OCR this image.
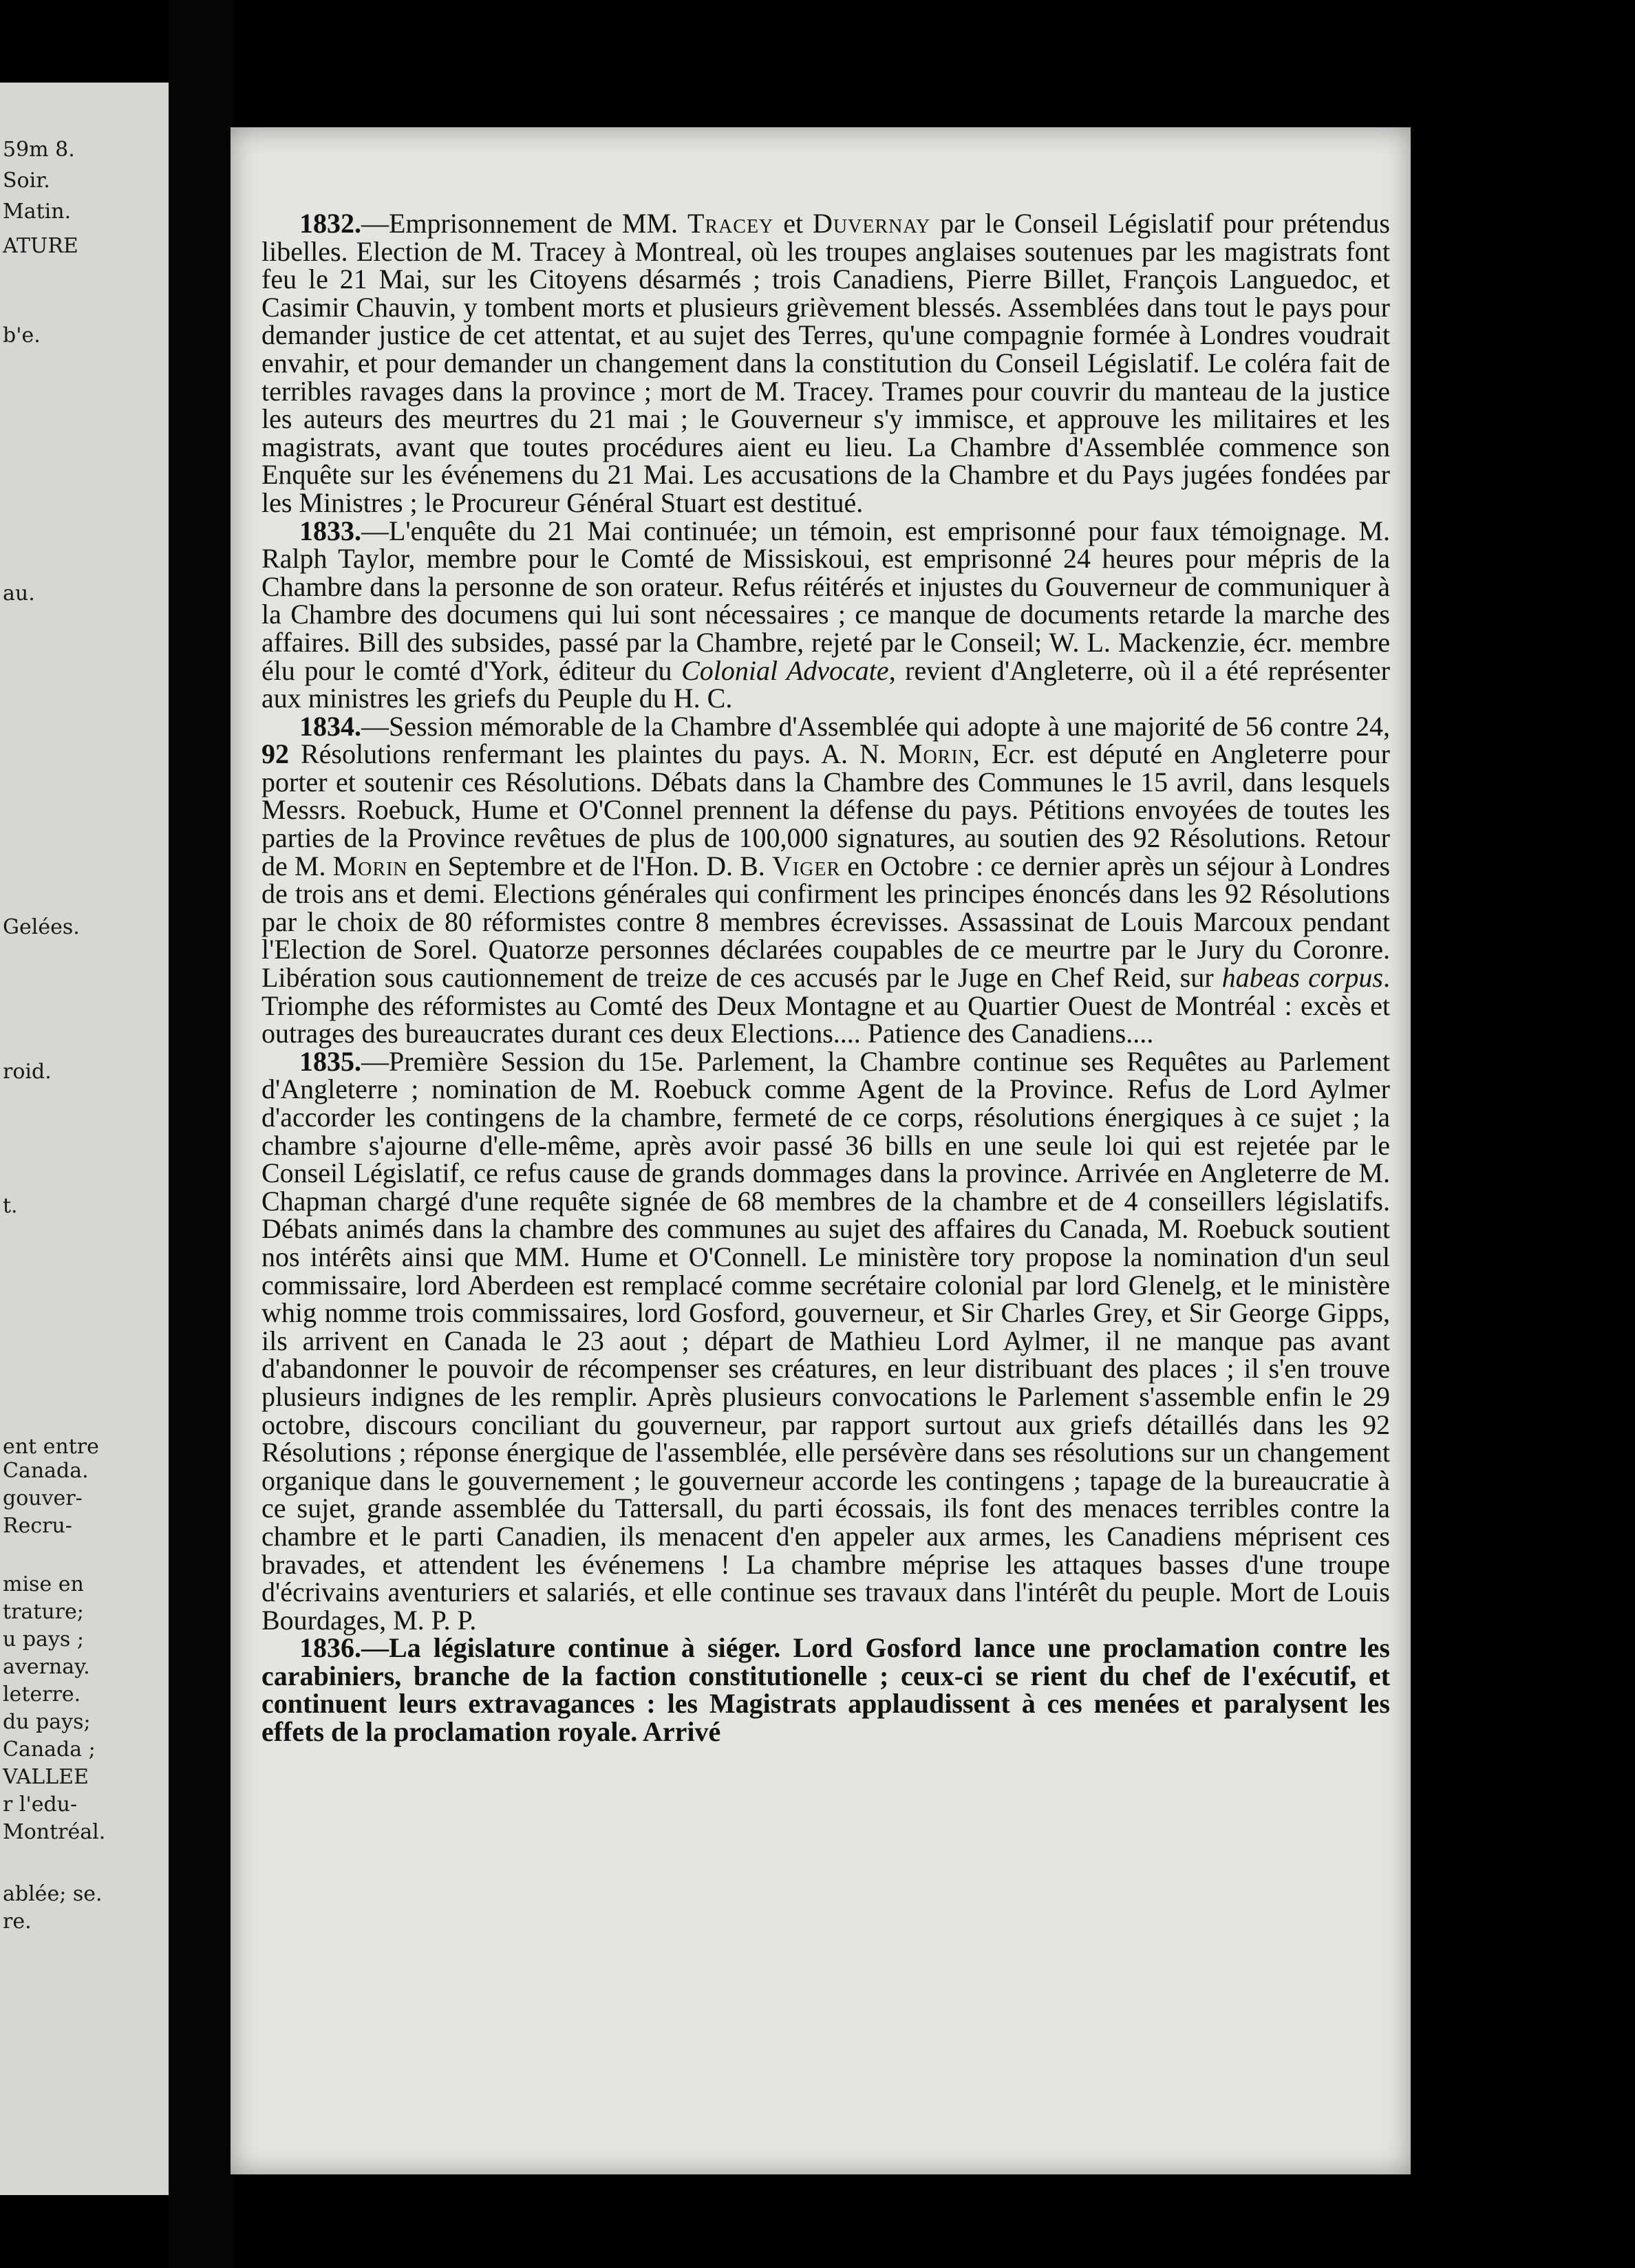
59m 8.
Soir.
Matin.
ATURE
b'e.
au.
Gelées.
roid.
t.
ent entre
Canada.
gouver-
Recru-
mise en
trature;
u pays ;
avernay.
leterre.
du pays;
Canada ;
VALLEE
r l'edu-
Montréal.
ablée; se.
re.

1832.—Emprisonnement de MM. Tracey et Duvernay par le Conseil Législatif pour prétendus libelles. Election de M. Tracey à Montreal, où les troupes anglaises soutenues par les magistrats font feu le 21 Mai, sur les Citoyens désarmés ; trois Canadiens, Pierre Billet, François Languedoc, et Casimir Chauvin, y tombent morts et plusieurs grièvement blessés. Assemblées dans tout le pays pour demander justice de cet attentat, et au sujet des Terres, qu'une compagnie formée à Londres voudrait envahir, et pour demander un changement dans la constitution du Conseil Législatif. Le coléra fait de terribles ravages dans la province ; mort de M. Tracey. Trames pour couvrir du manteau de la justice les auteurs des meurtres du 21 mai ; le Gouverneur s'y immisce, et approuve les militaires et les magistrats, avant que toutes procédures aient eu lieu. La Chambre d'Assemblée commence son Enquête sur les événemens du 21 Mai. Les accusations de la Chambre et du Pays jugées fondées par les Ministres ; le Procureur Général Stuart est destitué.

1833.—L'enquête du 21 Mai continuée; un témoin, est emprisonné pour faux témoignage. M. Ralph Taylor, membre pour le Comté de Missiskoui, est emprisonné 24 heures pour mépris de la Chambre dans la personne de son orateur. Refus réitérés et injustes du Gouverneur de communiquer à la Chambre des documens qui lui sont nécessaires ; ce manque de documents retarde la marche des affaires. Bill des subsides, passé par la Chambre, rejeté par le Conseil; W. L. Mackenzie, écr. membre élu pour le comté d'York, éditeur du Colonial Advocate, revient d'Angleterre, où il a été représenter aux ministres les griefs du Peuple du H. C.

1834.—Session mémorable de la Chambre d'Assemblée qui adopte à une majorité de 56 contre 24, 92 Résolutions renfermant les plaintes du pays. A. N. Morin, Ecr. est député en Angleterre pour porter et soutenir ces Résolutions. Débats dans la Chambre des Communes le 15 avril, dans lesquels Messrs. Roebuck, Hume et O'Connel prennent la défense du pays. Pétitions envoyées de toutes les parties de la Province revêtues de plus de 100,000 signatures, au soutien des 92 Résolutions. Retour de M. Morin en Septembre et de l'Hon. D. B. Viger en Octobre : ce dernier après un séjour à Londres de trois ans et demi. Elections générales qui confirment les principes énoncés dans les 92 Résolutions par le choix de 80 réformistes contre 8 membres écrevisses. Assassinat de Louis Marcoux pendant l'Election de Sorel. Quatorze personnes déclarées coupables de ce meurtre par le Jury du Coronre. Libération sous cautionnement de treize de ces accusés par le Juge en Chef Reid, sur habeas corpus. Triomphe des réformistes au Comté des Deux Montagne et au Quartier Ouest de Montréal : excès et outrages des bureaucrates durant ces deux Elections.... Patience des Canadiens....

1835.—Première Session du 15e. Parlement, la Chambre continue ses Requêtes au Parlement d'Angleterre ; nomination de M. Roebuck comme Agent de la Province. Refus de Lord Aylmer d'accorder les contingens de la chambre, fermeté de ce corps, résolutions énergiques à ce sujet ; la chambre s'ajourne d'elle-même, après avoir passé 36 bills en une seule loi qui est rejetée par le Conseil Législatif, ce refus cause de grands dommages dans la province. Arrivée en Angleterre de M. Chapman chargé d'une requête signée de 68 membres de la chambre et de 4 conseillers législatifs. Débats animés dans la chambre des communes au sujet des affaires du Canada, M. Roebuck soutient nos intérêts ainsi que MM. Hume et O'Connell. Le ministère tory propose la nomination d'un seul commissaire, lord Aberdeen est remplacé comme secrétaire colonial par lord Glenelg, et le ministère whig nomme trois commissaires, lord Gosford, gouverneur, et Sir Charles Grey, et Sir George Gipps, ils arrivent en Canada le 23 aout ; départ de Mathieu Lord Aylmer, il ne manque pas avant d'abandonner le pouvoir de récompenser ses créatures, en leur distribuant des places ; il s'en trouve plusieurs indignes de les remplir. Après plusieurs convocations le Parlement s'assemble enfin le 29 octobre, discours conciliant du gouverneur, par rapport surtout aux griefs détaillés dans les 92 Résolutions ; réponse énergique de l'assemblée, elle persévère dans ses résolutions sur un changement organique dans le gouvernement ; le gouverneur accorde les contingens ; tapage de la bureaucratie à ce sujet, grande assemblée du Tattersall, du parti écossais, ils font des menaces terribles contre la chambre et le parti Canadien, ils menacent d'en appeler aux armes, les Canadiens méprisent ces bravades, et attendent les événemens ! La chambre méprise les attaques basses d'une troupe d'écrivains aventuriers et salariés, et elle continue ses travaux dans l'intérêt du peuple. Mort de Louis Bourdages, M. P. P.

1836.—La législature continue à siéger. Lord Gosford lance une proclamation contre les carabiniers, branche de la faction constitutionelle ; ceux-ci se rient du chef de l'exécutif, et continuent leurs extravagances : les Magistrats applaudissent à ces menées et paralysent les effets de la proclamation royale. Arrivé
